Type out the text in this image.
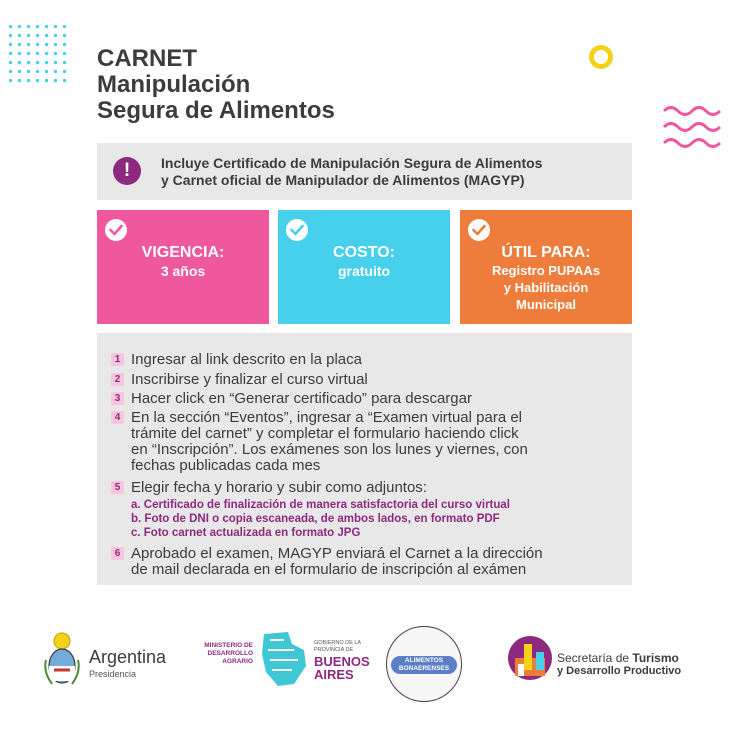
CARNET
Manipulación
Segura de Alimentos
!	Incluye Certificado de Manipulación Segura de Alimentos
y Carnet oficial de Manipulador de Alimentos (MAGYP)
VIGENCIA:
3 años
COSTO:
gratuito
ÚTIL PARA:
Registro PUPAAs
y Habilitación
Municipal
1 Ingresar al link descrito en la placa
2 Inscribirse y finalizar el curso virtual
3 Hacer click en “Generar certificado” para descargar
4 En la sección “Eventos”, ingresar a “Examen virtual para el
trámite del carnet” y completar el formulario haciendo click
en “Inscripción”. Los exámenes son los lunes y viernes, con
fechas publicadas cada mes
5 Elegir fecha y horario y subir como adjuntos:
a. Certificado de finalización de manera satisfactoria del curso virtual
b. Foto de DNI o copia escaneada, de ambos lados, en formato PDF
c. Foto carnet actualizada en formato JPG
6 Aprobado el examen, MAGYP enviará el Carnet a la dirección
de mail declarada en el formulario de inscripción al exámen
Argentina
Presidencia
MINISTERIO DE
DESARROLLO
AGRARIO
GOBIERNO DE LA
PROVINCIA DE
BUENOS
AIRES
ALIMENTOS
BONAERENSES
Secretaría de Turismo
y Desarrollo Productivo
